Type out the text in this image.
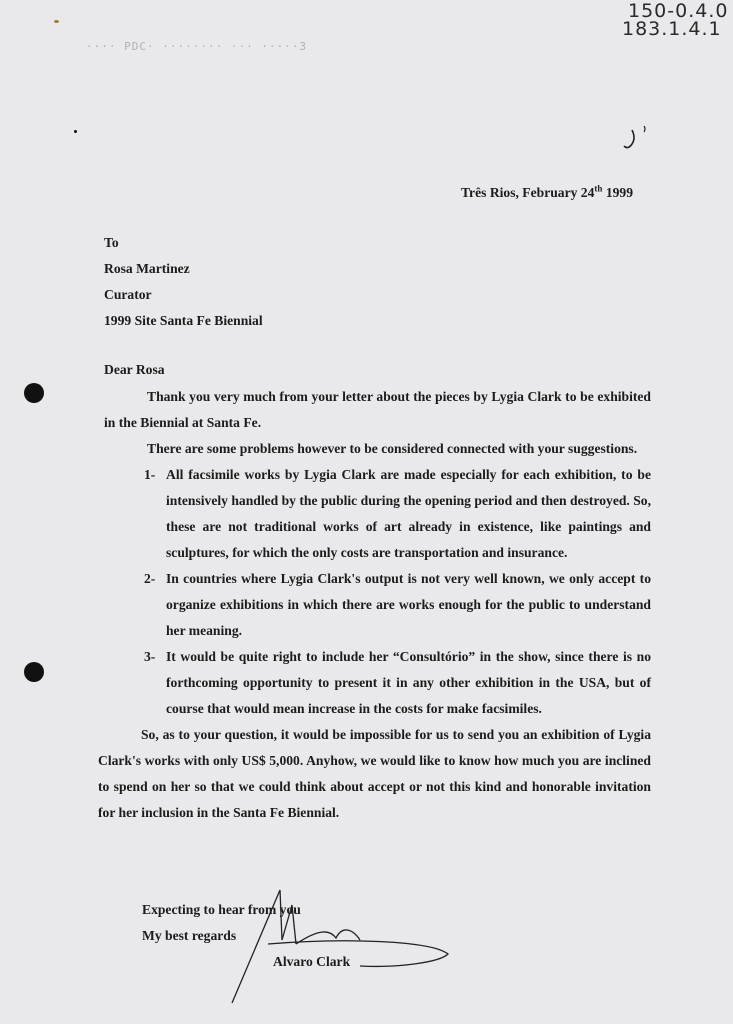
150-0.4.0
183.1.4.1
···· PDC· ········ ··· ·····3
Três Rios, February 24th 1999
To
Rosa Martinez
Curator
1999 Site Santa Fe Biennial
Dear Rosa
Thank you very much from your letter about the pieces by Lygia Clark to be exhibited in the Biennial at Santa Fe.
There are some problems however to be considered connected with your suggestions.
1- All facsimile works by Lygia Clark are made especially for each exhibition, to be intensively handled by the public during the opening period and then destroyed. So, these are not traditional works of art already in existence, like paintings and sculptures, for which the only costs are transportation and insurance.
2- In countries where Lygia Clark's output is not very well known, we only accept to organize exhibitions in which there are works enough for the public to understand her meaning.
3- It would be quite right to include her “Consultório” in the show, since there is no forthcoming opportunity to present it in any other exhibition in the USA, but of course that would mean increase in the costs for make facsimiles.
So, as to your question, it would be impossible for us to send you an exhibition of Lygia Clark's works with only US$ 5,000. Anyhow, we would like to know how much you are inclined to spend on her so that we could think about accept or not this kind and honorable invitation for her inclusion in the Santa Fe Biennial.
Expecting to hear from you
My best regards
Alvaro Clark
